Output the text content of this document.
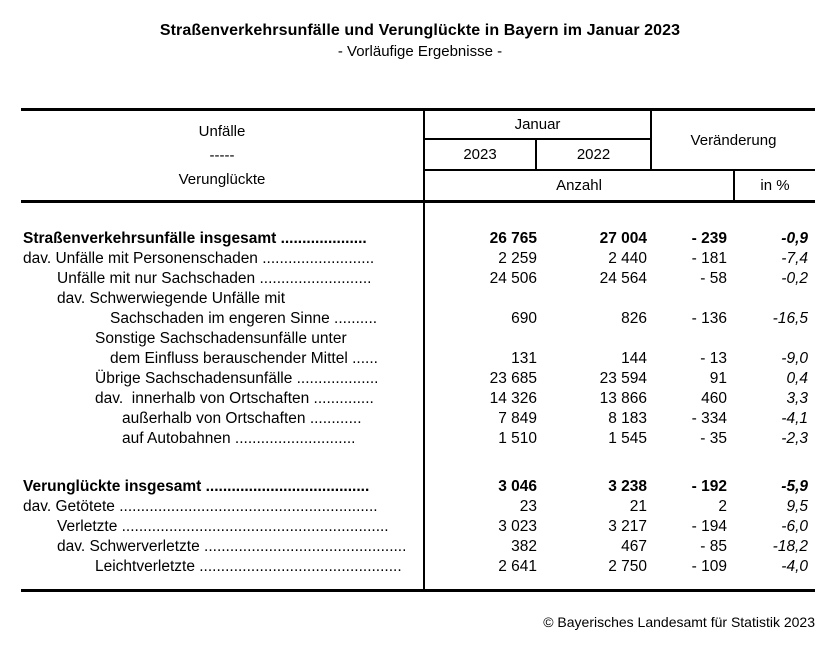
Straßenverkehrsunfälle und Verunglückte in Bayern im Januar 2023
- Vorläufige Ergebnisse -
Unfälle
-----
Verunglückte
Januar
Veränderung
2023	2022
Anzahl	in %
Straßenverkehrsunfälle insgesamt ....................	26 765	27 004	- 239	-0,9
dav. Unfälle mit Personenschaden ..........................	2 259	2 440	- 181	-7,4
Unfälle mit nur Sachschaden ..........................	24 506	24 564	- 58	-0,2
dav. Schwerwiegende Unfälle mit
Sachschaden im engeren Sinne ..........	690	826	- 136	-16,5
Sonstige Sachschadensunfälle unter
dem Einfluss berauschender Mittel ......	131	144	- 13	-9,0
Übrige Sachschadensunfälle ...................	23 685	23 594	91	0,4
dav.  innerhalb von Ortschaften ..............	14 326	13 866	460	3,3
außerhalb von Ortschaften ............	7 849	8 183	- 334	-4,1
auf Autobahnen ............................	1 510	1 545	- 35	-2,3
Verunglückte insgesamt ......................................	3 046	3 238	- 192	-5,9
dav. Getötete ............................................................	23	21	2	9,5
Verletzte ..............................................................	3 023	3 217	- 194	-6,0
dav. Schwerverletzte ...............................................	382	467	- 85	-18,2
Leichtverletzte ...............................................	2 641	2 750	- 109	-4,0
© Bayerisches Landesamt für Statistik 2023
